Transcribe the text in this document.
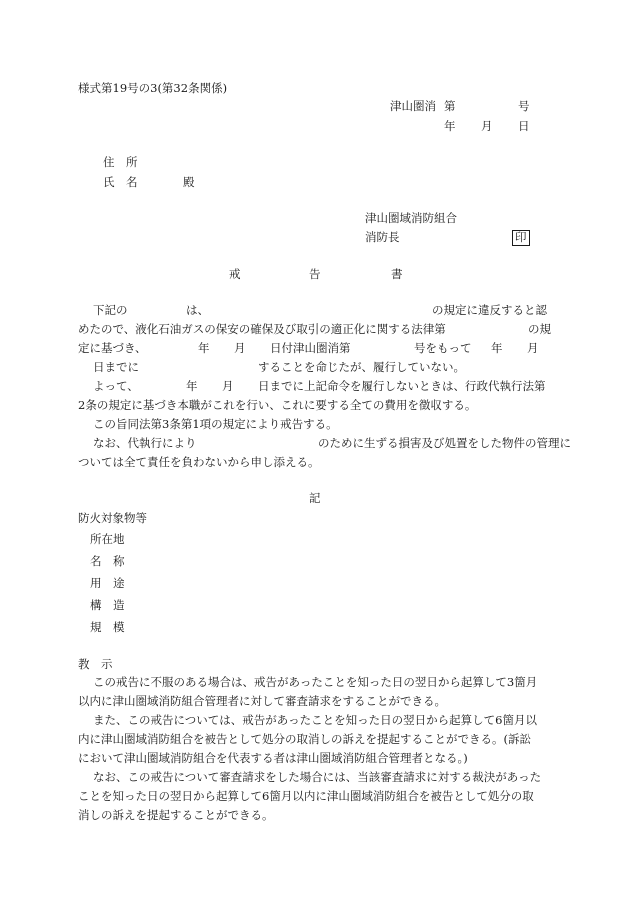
様式第19号の3(第32条関係)
津山圏消 第	号
年 月 日
住　所
氏　名	殿
津山圏域消防組合
消防長	印
戒	告	書
下記の	は、	の規定に違反すると認
めたので、液化石油ガスの保安の確保及び取引の適正化に関する法律第	の規
定に基づき、	年 月 日付津山圏消第	号をもって 年 月
日までに	することを命じたが、履行していない。
よって、	年 月 日までに上記命令を履行しないときは、行政代執行法第
2条の規定に基づき本職がこれを行い、これに要する全ての費用を徴収する。
この旨同法第3条第1項の規定により戒告する。
なお、代執行により	のために生ずる損害及び処置をした物件の管理に
ついては全て責任を負わないから申し添える。
記
防火対象物等
所在地
名　称
用　途
構　造
規　模
教　示
この戒告に不服のある場合は、戒告があったことを知った日の翌日から起算して3箇月
以内に津山圏域消防組合管理者に対して審査請求をすることができる。
また、この戒告については、戒告があったことを知った日の翌日から起算して6箇月以
内に津山圏域消防組合を被告として処分の取消しの訴えを提起することができる。(訴訟
において津山圏域消防組合を代表する者は津山圏域消防組合管理者となる。)
なお、この戒告について審査請求をした場合には、当該審査請求に対する裁決があった
ことを知った日の翌日から起算して6箇月以内に津山圏域消防組合を被告として処分の取
消しの訴えを提起することができる。
